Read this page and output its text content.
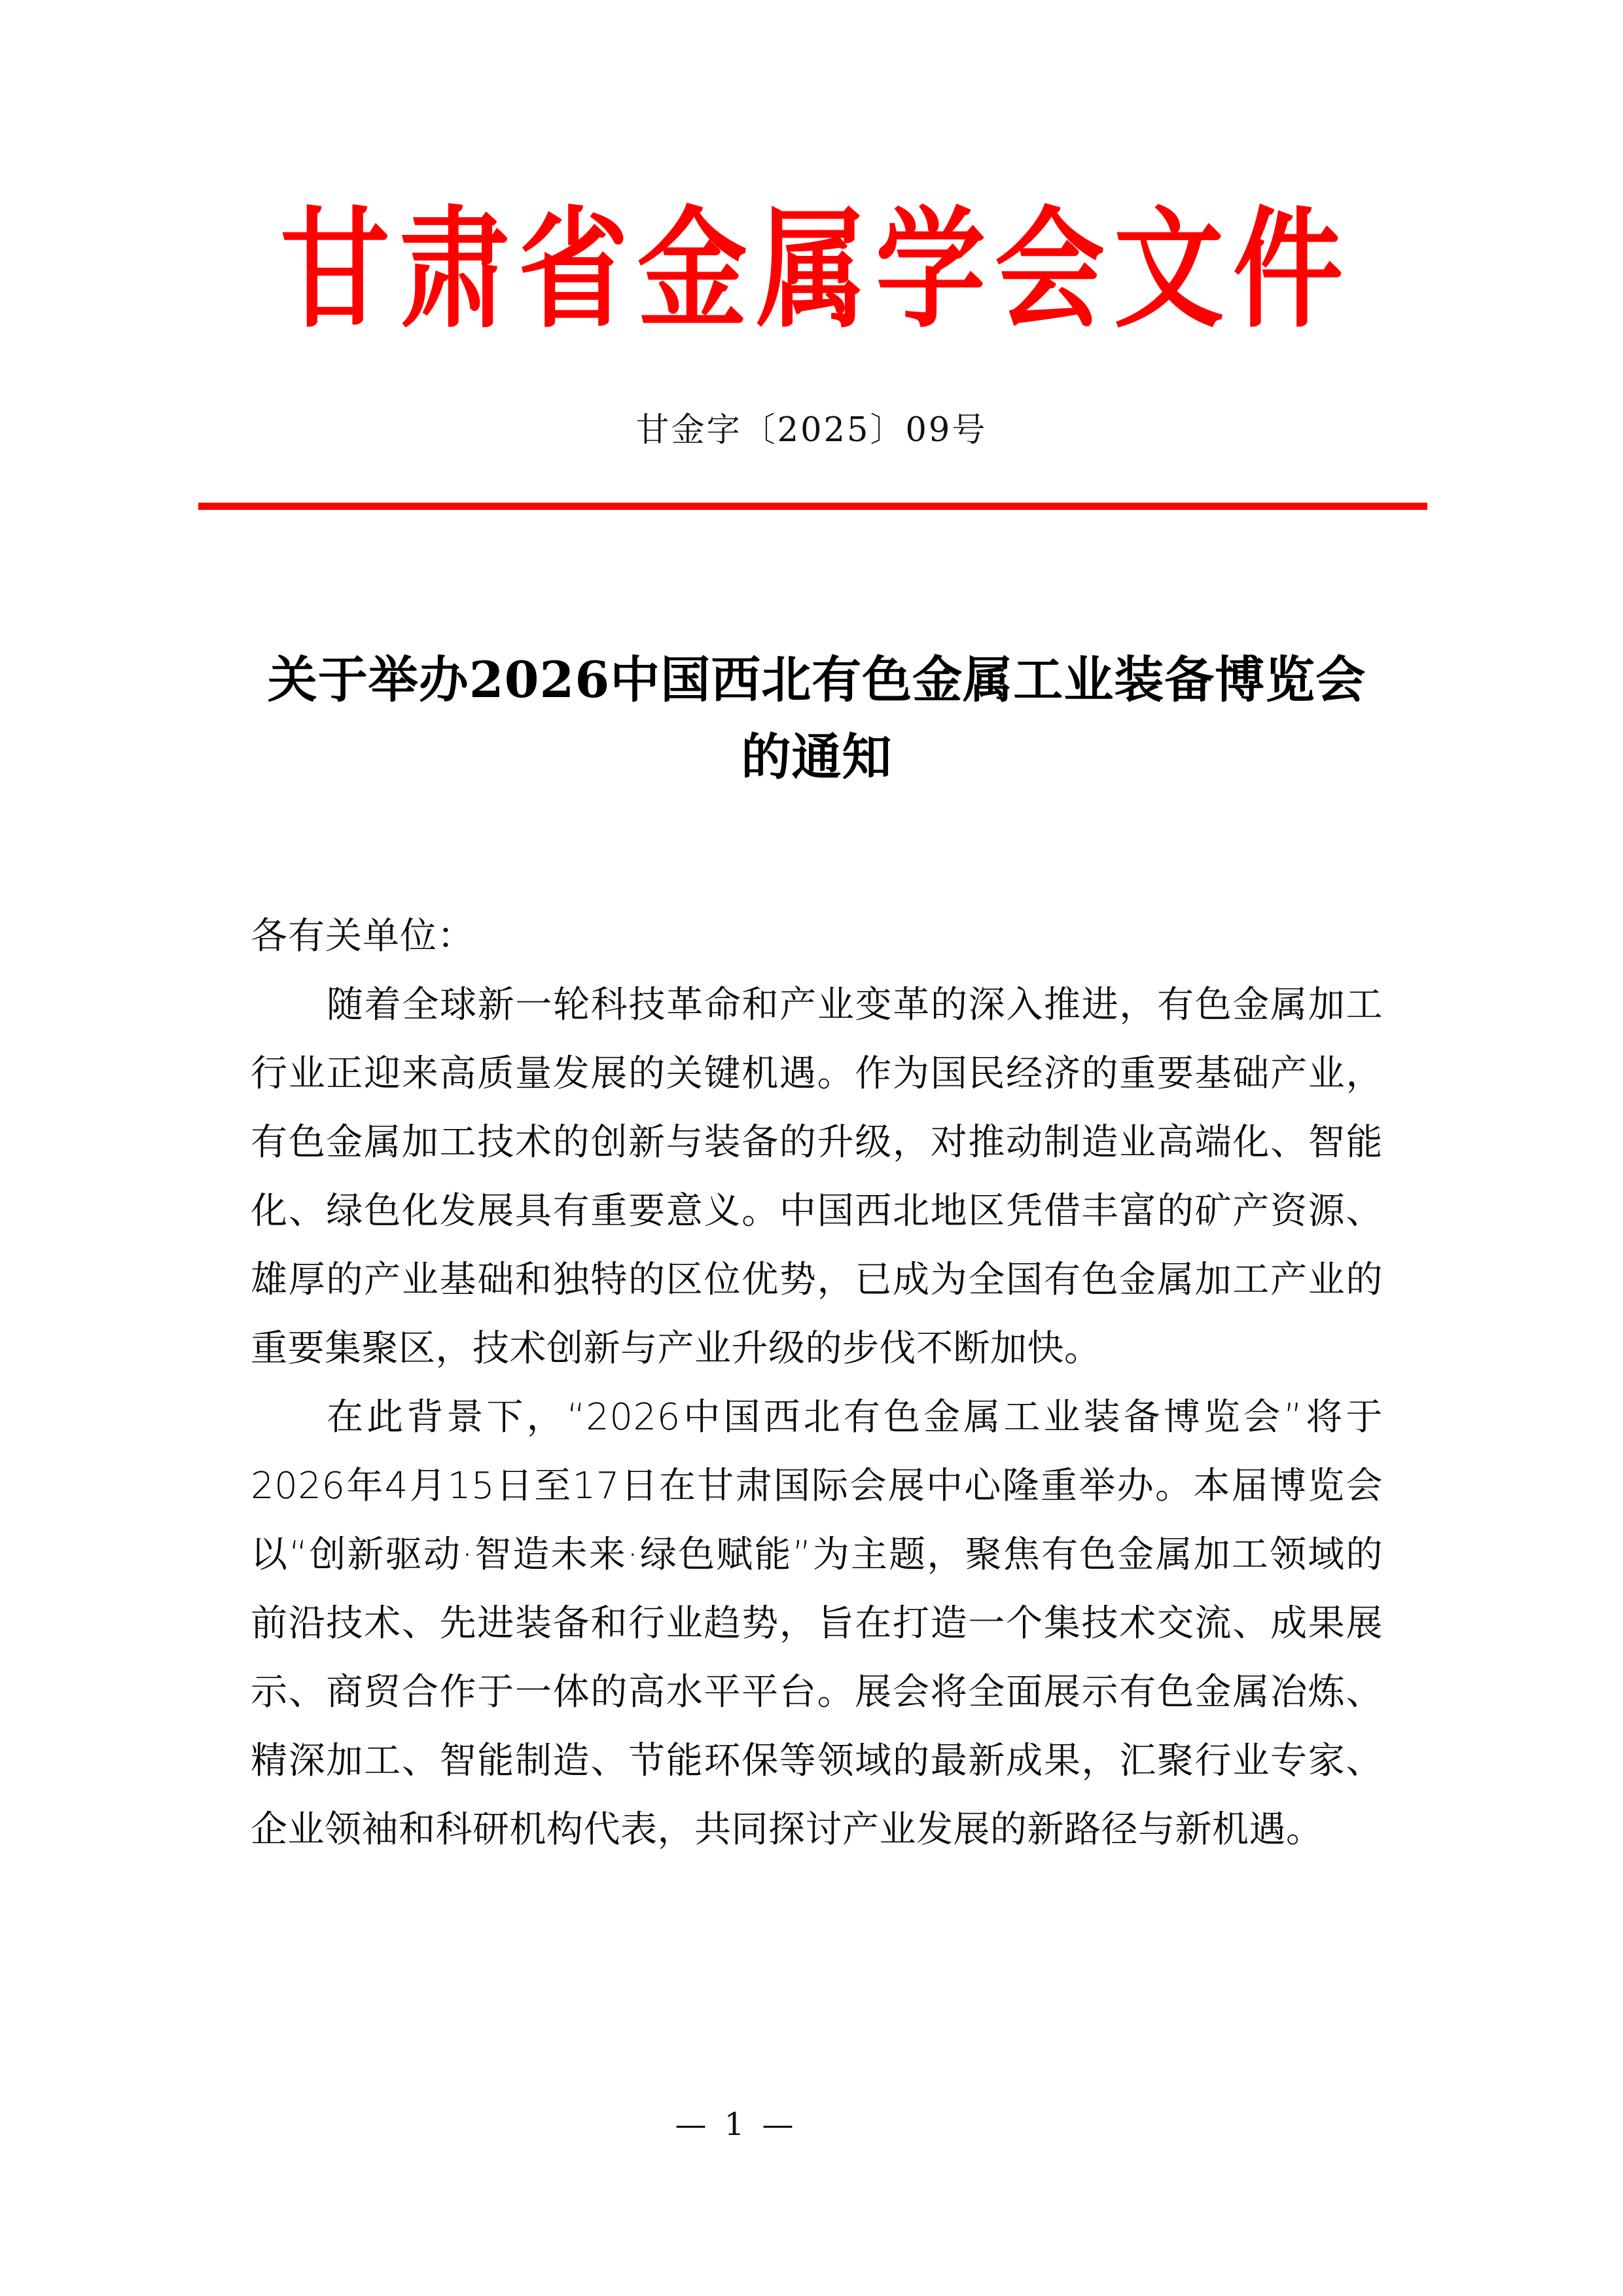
甘肃省金属学会文件
甘金字〔2025〕09号
关于举办2026中国西北有色金属工业装备博览会的通知

各有关单位：

随着全球新一轮科技革命和产业变革的深入推进，有色金属加工行业正迎来高质量发展的关键机遇。作为国民经济的重要基础产业，有色金属加工技术的创新与装备的升级，对推动制造业高端化、智能化、绿色化发展具有重要意义。中国西北地区凭借丰富的矿产资源、雄厚的产业基础和独特的区位优势，已成为全国有色金属加工产业的重要集聚区，技术创新与产业升级的步伐不断加快。

在此背景下，“2026中国西北有色金属工业装备博览会”将于2026年4月15日至17日在甘肃国际会展中心隆重举办。本届博览会以“创新驱动·智造未来·绿色赋能”为主题，聚焦有色金属加工领域的前沿技术、先进装备和行业趋势，旨在打造一个集技术交流、成果展示、商贸合作于一体的高水平平台。展会将全面展示有色金属冶炼、精深加工、智能制造、节能环保等领域的最新成果，汇聚行业专家、企业领袖和科研机构代表，共同探讨产业发展的新路径与新机遇。

— 1 —
